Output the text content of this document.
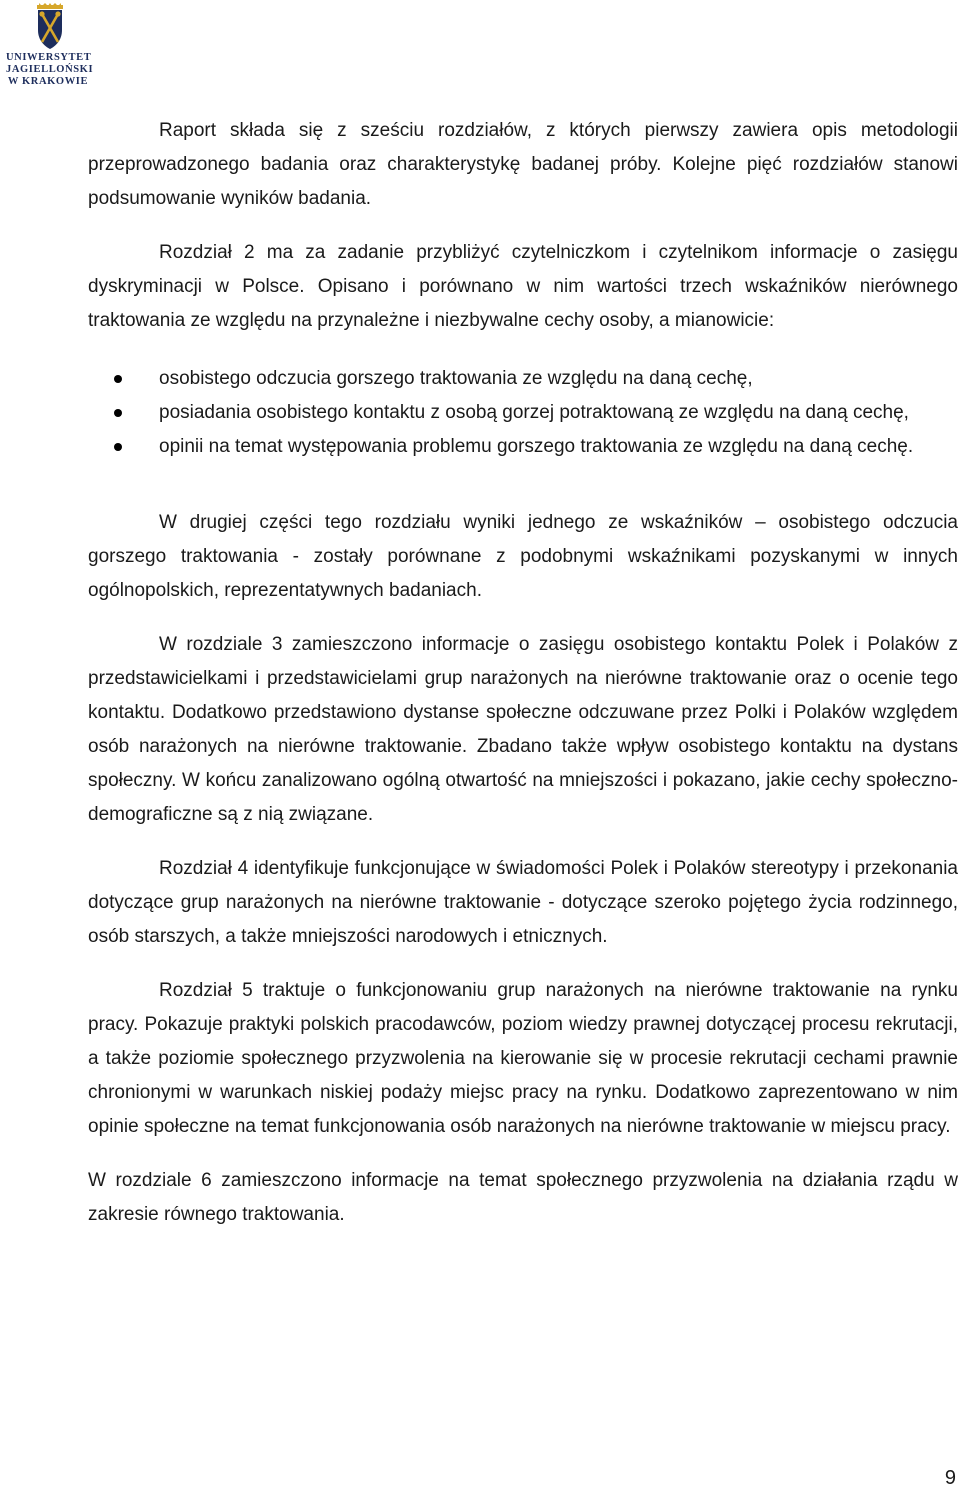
UNIWERSYTET
JAGIELLOŃSKI
W KRAKOWIE

Raport składa się z sześciu rozdziałów, z których pierwszy zawiera opis metodologii przeprowadzonego badania oraz charakterystykę badanej próby. Kolejne pięć rozdziałów stanowi podsumowanie wyników badania.

Rozdział 2 ma za zadanie przybliżyć czytelniczkom i czytelnikom informacje o zasięgu dyskryminacji w Polsce. Opisano i porównano w nim wartości trzech wskaźników nierównego traktowania ze względu na przynależne i niezbywalne cechy osoby, a mianowicie:

osobistego odczucia gorszego traktowania ze względu na daną cechę,
posiadania osobistego kontaktu z osobą gorzej potraktowaną ze względu na daną cechę,
opinii na temat występowania problemu gorszego traktowania ze względu na daną cechę.

W drugiej części tego rozdziału wyniki jednego ze wskaźników – osobistego odczucia gorszego traktowania - zostały porównane z podobnymi wskaźnikami pozyskanymi w innych ogólnopolskich, reprezentatywnych badaniach.

W rozdziale 3 zamieszczono informacje o zasięgu osobistego kontaktu Polek i Polaków z przedstawicielkami i przedstawicielami grup narażonych na nierówne traktowanie oraz o ocenie tego kontaktu. Dodatkowo przedstawiono dystanse społeczne odczuwane przez Polki i Polaków względem osób narażonych na nierówne traktowanie. Zbadano także wpływ osobistego kontaktu na dystans społeczny. W końcu zanalizowano ogólną otwartość na mniejszości i pokazano, jakie cechy społeczno-demograficzne są z nią związane.

Rozdział 4 identyfikuje funkcjonujące w świadomości Polek i Polaków stereotypy i przekonania dotyczące grup narażonych na nierówne traktowanie - dotyczące szeroko pojętego życia rodzinnego, osób starszych, a także mniejszości narodowych i etnicznych.

Rozdział 5 traktuje o funkcjonowaniu grup narażonych na nierówne traktowanie na rynku pracy. Pokazuje praktyki polskich pracodawców, poziom wiedzy prawnej dotyczącej procesu rekrutacji, a także poziomie społecznego przyzwolenia na kierowanie się w procesie rekrutacji cechami prawnie chronionymi w warunkach niskiej podaży miejsc pracy na rynku. Dodatkowo zaprezentowano w nim opinie społeczne na temat funkcjonowania osób narażonych na nierówne traktowanie w miejscu pracy.

W rozdziale 6 zamieszczono informacje na temat społecznego przyzwolenia na działania rządu w zakresie równego traktowania.

9
